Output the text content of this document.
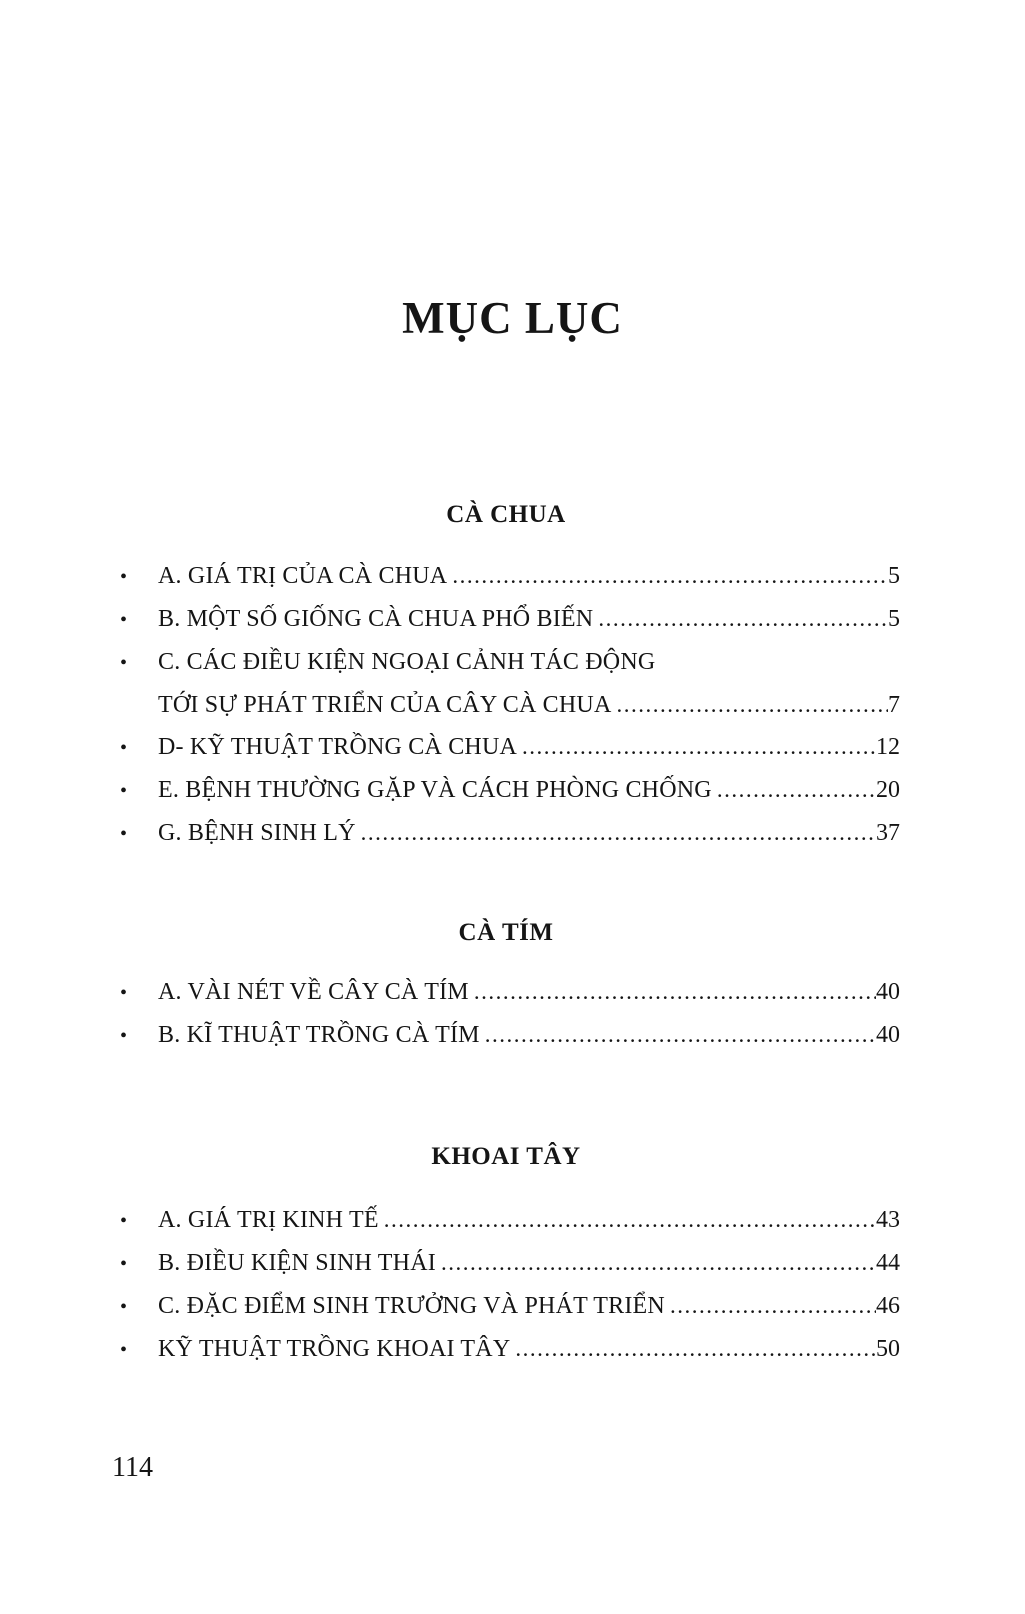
MỤC LỤC
CÀ CHUA
•
A. GIÁ TRỊ CỦA CÀ CHUA .....	5
•
B. MỘT SỐ GIỐNG CÀ CHUA PHỔ BIẾN .....	5
•
C. CÁC ĐIỀU KIỆN NGOẠI CẢNH TÁC ĐỘNG
TỚI SỰ PHÁT TRIỂN CỦA CÂY CÀ CHUA .....	7
•
D- KỸ THUẬT TRỒNG CÀ CHUA .....	12
•
E. BỆNH THƯỜNG GẶP VÀ CÁCH PHÒNG CHỐNG .....	20
•
G. BỆNH SINH LÝ .....	37
CÀ TÍM
•
A. VÀI NÉT VỀ CÂY CÀ TÍM .....	40
•
B. KĨ THUẬT TRỒNG CÀ TÍM .....	40
KHOAI TÂY
•
A. GIÁ TRỊ KINH TẾ .....	43
•
B. ĐIỀU KIỆN SINH THÁI .....	44
•
C. ĐẶC ĐIỂM SINH TRƯỞNG VÀ PHÁT TRIỂN .....	46
•
KỸ THUẬT TRỒNG KHOAI TÂY .....	50
114
